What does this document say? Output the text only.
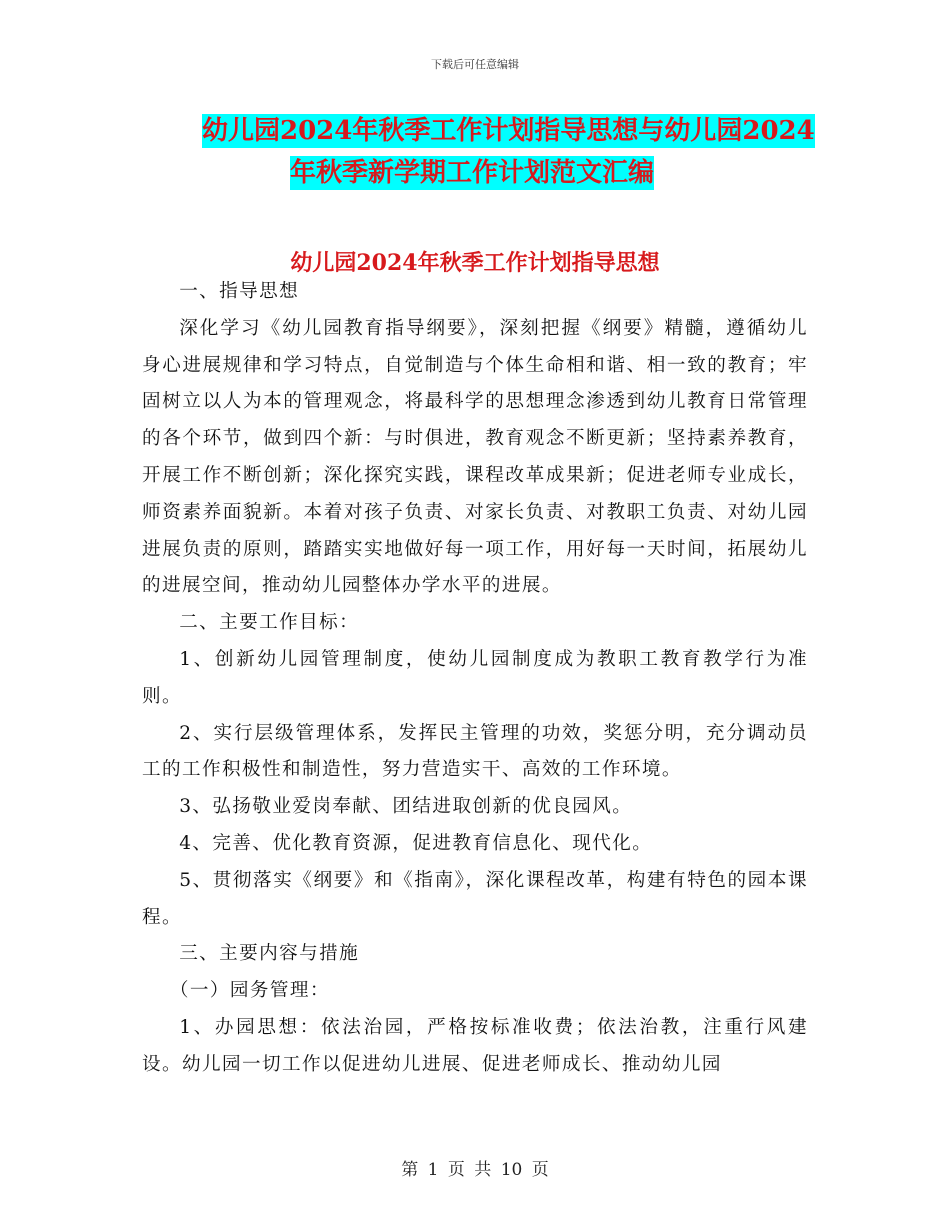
下载后可任意编辑
幼儿园2024年秋季工作计划指导思想与幼儿园2024
年秋季新学期工作计划范文汇编
幼儿园2024年秋季工作计划指导思想

一、指导思想

深化学习《幼儿园教育指导纲要》，深刻把握《纲要》精髓，遵循幼儿身心进展规律和学习特点，自觉制造与个体生命相和谐、相一致的教育；牢固树立以人为本的管理观念，将最科学的思想理念渗透到幼儿教育日常管理的各个环节，做到四个新：与时俱进，教育观念不断更新；坚持素养教育，开展工作不断创新；深化探究实践，课程改革成果新；促进老师专业成长，师资素养面貌新。本着对孩子负责、对家长负责、对教职工负责、对幼儿园进展负责的原则，踏踏实实地做好每一项工作，用好每一天时间，拓展幼儿的进展空间，推动幼儿园整体办学水平的进展。

二、主要工作目标：

1、创新幼儿园管理制度，使幼儿园制度成为教职工教育教学行为准则。

2、实行层级管理体系，发挥民主管理的功效，奖惩分明，充分调动员工的工作积极性和制造性，努力营造实干、高效的工作环境。

3、弘扬敬业爱岗奉献、团结进取创新的优良园风。

4、完善、优化教育资源，促进教育信息化、现代化。

5、贯彻落实《纲要》和《指南》，深化课程改革，构建有特色的园本课程。

三、主要内容与措施

（一）园务管理：

1、办园思想：依法治园，严格按标准收费；依法治教，注重行风建设。幼儿园一切工作以促进幼儿进展、促进老师成长、推动幼儿园

第 1 页 共 10 页
